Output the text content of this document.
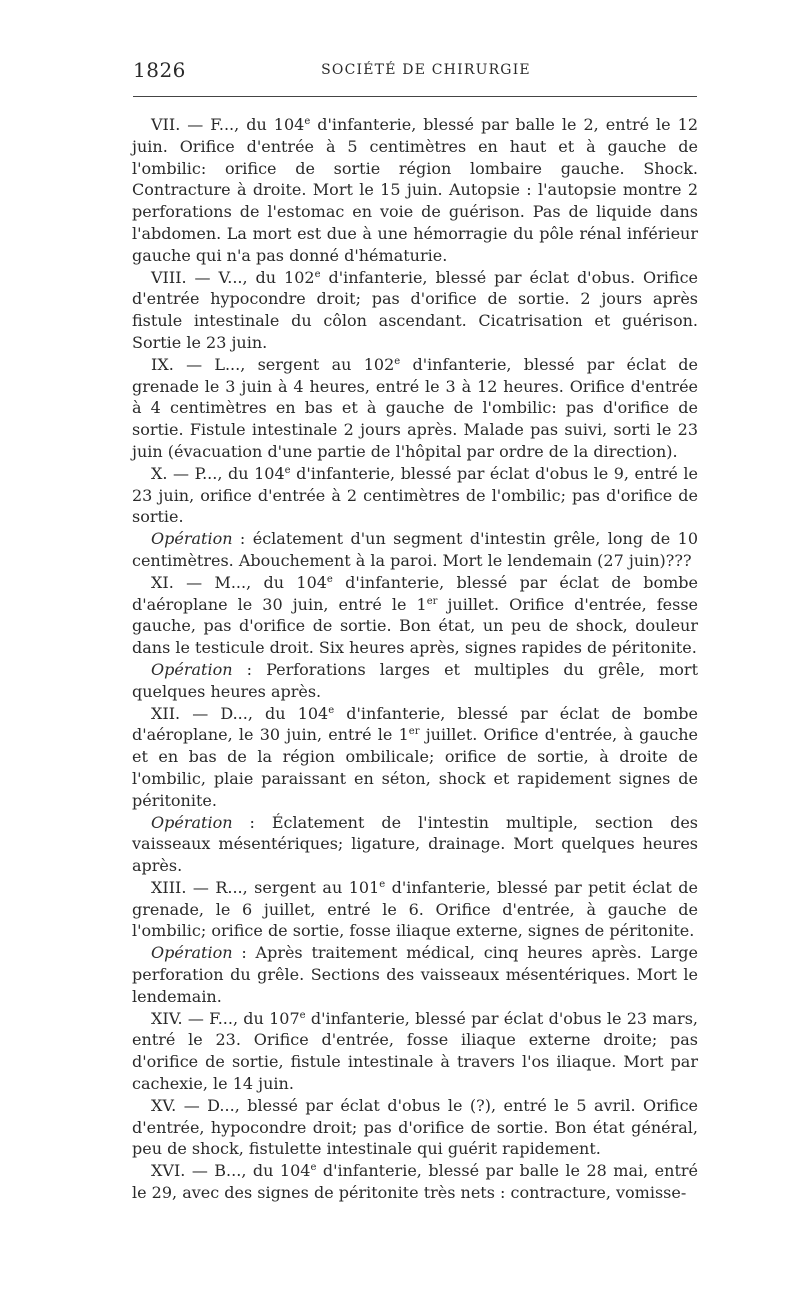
1826	SOCIÉTÉ DE CHIRURGIE

VII. — F..., du 104e d'infanterie, blessé par balle le 2, entré le 12 juin. Orifice d'entrée à 5 centimètres en haut et à gauche de l'ombilic: orifice de sortie région lombaire gauche. Shock. Contracture à droite. Mort le 15 juin. Autopsie : l'autopsie montre 2 perforations de l'estomac en voie de guérison. Pas de liquide dans l'abdomen. La mort est due à une hémorragie du pôle rénal inférieur gauche qui n'a pas donné d'hématurie.

VIII. — V..., du 102e d'infanterie, blessé par éclat d'obus. Orifice d'entrée hypocondre droit; pas d'orifice de sortie. 2 jours après fistule intestinale du côlon ascendant. Cicatrisation et guérison. Sortie le 23 juin.

IX. — L..., sergent au 102e d'infanterie, blessé par éclat de grenade le 3 juin à 4 heures, entré le 3 à 12 heures. Orifice d'entrée à 4 centimètres en bas et à gauche de l'ombilic: pas d'orifice de sortie. Fistule intestinale 2 jours après. Malade pas suivi, sorti le 23 juin (évacuation d'une partie de l'hôpital par ordre de la direction).

X. — P..., du 104e d'infanterie, blessé par éclat d'obus le 9, entré le 23 juin, orifice d'entrée à 2 centimètres de l'ombilic; pas d'orifice de sortie.

Opération : éclatement d'un segment d'intestin grêle, long de 10 centimètres. Abouchement à la paroi. Mort le lendemain (27 juin)???

XI. — M..., du 104e d'infanterie, blessé par éclat de bombe d'aéroplane le 30 juin, entré le 1er juillet. Orifice d'entrée, fesse gauche, pas d'orifice de sortie. Bon état, un peu de shock, douleur dans le testicule droit. Six heures après, signes rapides de péritonite.

Opération : Perforations larges et multiples du grêle, mort quelques heures après.

XII. — D..., du 104e d'infanterie, blessé par éclat de bombe d'aéroplane, le 30 juin, entré le 1er juillet. Orifice d'entrée, à gauche et en bas de la région ombilicale; orifice de sortie, à droite de l'ombilic, plaie paraissant en séton, shock et rapidement signes de péritonite.

Opération : Éclatement de l'intestin multiple, section des vaisseaux mésentériques; ligature, drainage. Mort quelques heures après.

XIII. — R..., sergent au 101e d'infanterie, blessé par petit éclat de grenade, le 6 juillet, entré le 6. Orifice d'entrée, à gauche de l'ombilic; orifice de sortie, fosse iliaque externe, signes de péritonite.

Opération : Après traitement médical, cinq heures après. Large perforation du grêle. Sections des vaisseaux mésentériques. Mort le lendemain.

XIV. — F..., du 107e d'infanterie, blessé par éclat d'obus le 23 mars, entré le 23. Orifice d'entrée, fosse iliaque externe droite; pas d'orifice de sortie, fistule intestinale à travers l'os iliaque. Mort par cachexie, le 14 juin.

XV. — D..., blessé par éclat d'obus le (?), entré le 5 avril. Orifice d'entrée, hypocondre droit; pas d'orifice de sortie. Bon état général, peu de shock, fistulette intestinale qui guérit rapidement.

XVI. — B..., du 104e d'infanterie, blessé par balle le 28 mai, entré le 29, avec des signes de péritonite très nets : contracture, vomisse-
